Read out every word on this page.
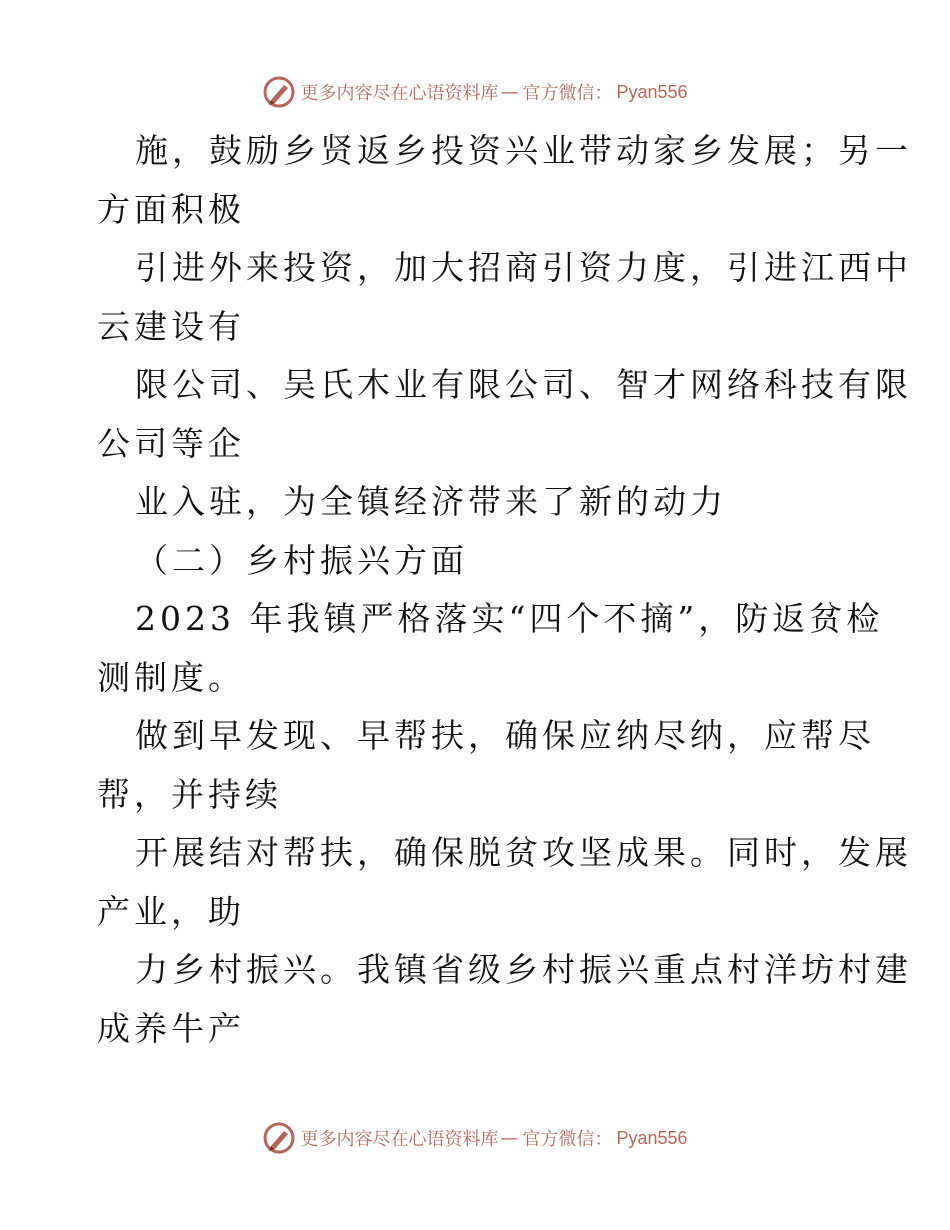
更多内容尽在心语资料库 — 官方微信： Pyan556
施，鼓励乡贤返乡投资兴业带动家乡发展；另一
方面积极
引进外来投资，加大招商引资力度，引进江西中
云建设有
限公司、吴氏木业有限公司、智才网络科技有限
公司等企
业入驻，为全镇经济带来了新的动力
（二）乡村振兴方面
2023 年我镇严格落实“四个不摘”，防返贫检
测制度。
做到早发现、早帮扶，确保应纳尽纳，应帮尽
帮，并持续
开展结对帮扶，确保脱贫攻坚成果。同时，发展
产业，助
力乡村振兴。我镇省级乡村振兴重点村洋坊村建
成养牛产
更多内容尽在心语资料库 — 官方微信： Pyan556
